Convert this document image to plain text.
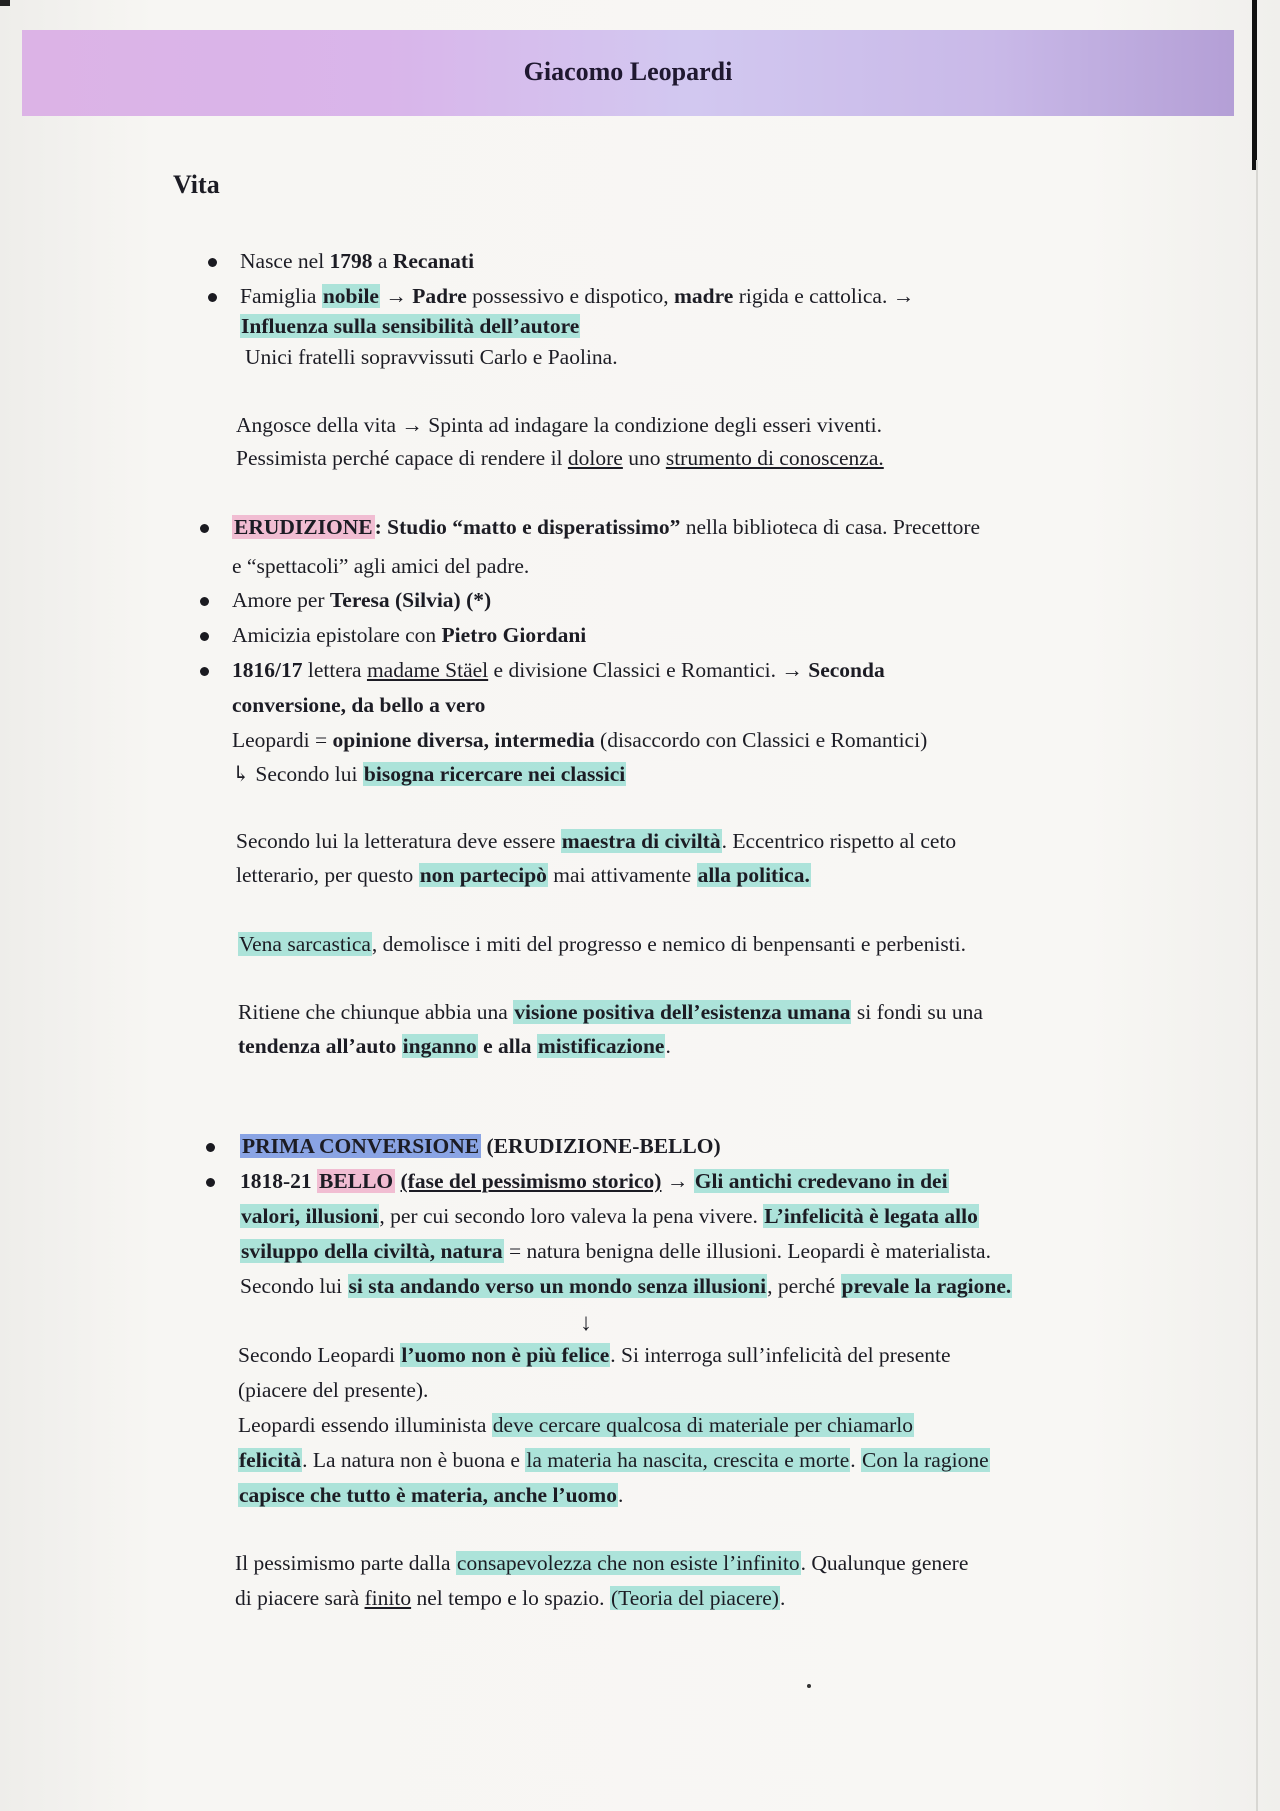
Giacomo Leopardi
Vita
Nasce nel 1798 a Recanati
Famiglia nobile → Padre possessivo e dispotico, madre rigida e cattolica. →
Influenza sulla sensibilità dell’autore
Unici fratelli sopravvissuti Carlo e Paolina.
Angosce della vita → Spinta ad indagare la condizione degli esseri viventi.
Pessimista perché capace di rendere il dolore uno strumento di conoscenza.
ERUDIZIONE: Studio “matto e disperatissimo” nella biblioteca di casa. Precettore
e “spettacoli” agli amici del padre.
Amore per Teresa (Silvia) (*)
Amicizia epistolare con Pietro Giordani
1816/17 lettera madame Stäel e divisione Classici e Romantici. → Seconda
conversione, da bello a vero
Leopardi = opinione diversa, intermedia (disaccordo con Classici e Romantici)
↳ Secondo lui bisogna ricercare nei classici
Secondo lui la letteratura deve essere maestra di civiltà. Eccentrico rispetto al ceto
letterario, per questo non partecipò mai attivamente alla politica.
Vena sarcastica, demolisce i miti del progresso e nemico di benpensanti e perbenisti.
Ritiene che chiunque abbia una visione positiva dell’esistenza umana si fondi su una
tendenza all’auto inganno e alla mistificazione.
PRIMA CONVERSIONE (ERUDIZIONE-BELLO)
1818-21 BELLO (fase del pessimismo storico) → Gli antichi credevano in dei
valori, illusioni, per cui secondo loro valeva la pena vivere. L’infelicità è legata allo
sviluppo della civiltà, natura = natura benigna delle illusioni. Leopardi è materialista.
Secondo lui si sta andando verso un mondo senza illusioni, perché prevale la ragione.
↓
Secondo Leopardi l’uomo non è più felice. Si interroga sull’infelicità del presente
(piacere del presente).
Leopardi essendo illuminista deve cercare qualcosa di materiale per chiamarlo
felicità. La natura non è buona e la materia ha nascita, crescita e morte. Con la ragione
capisce che tutto è materia, anche l’uomo.
Il pessimismo parte dalla consapevolezza che non esiste l’infinito. Qualunque genere
di piacere sarà finito nel tempo e lo spazio. (Teoria del piacere).
